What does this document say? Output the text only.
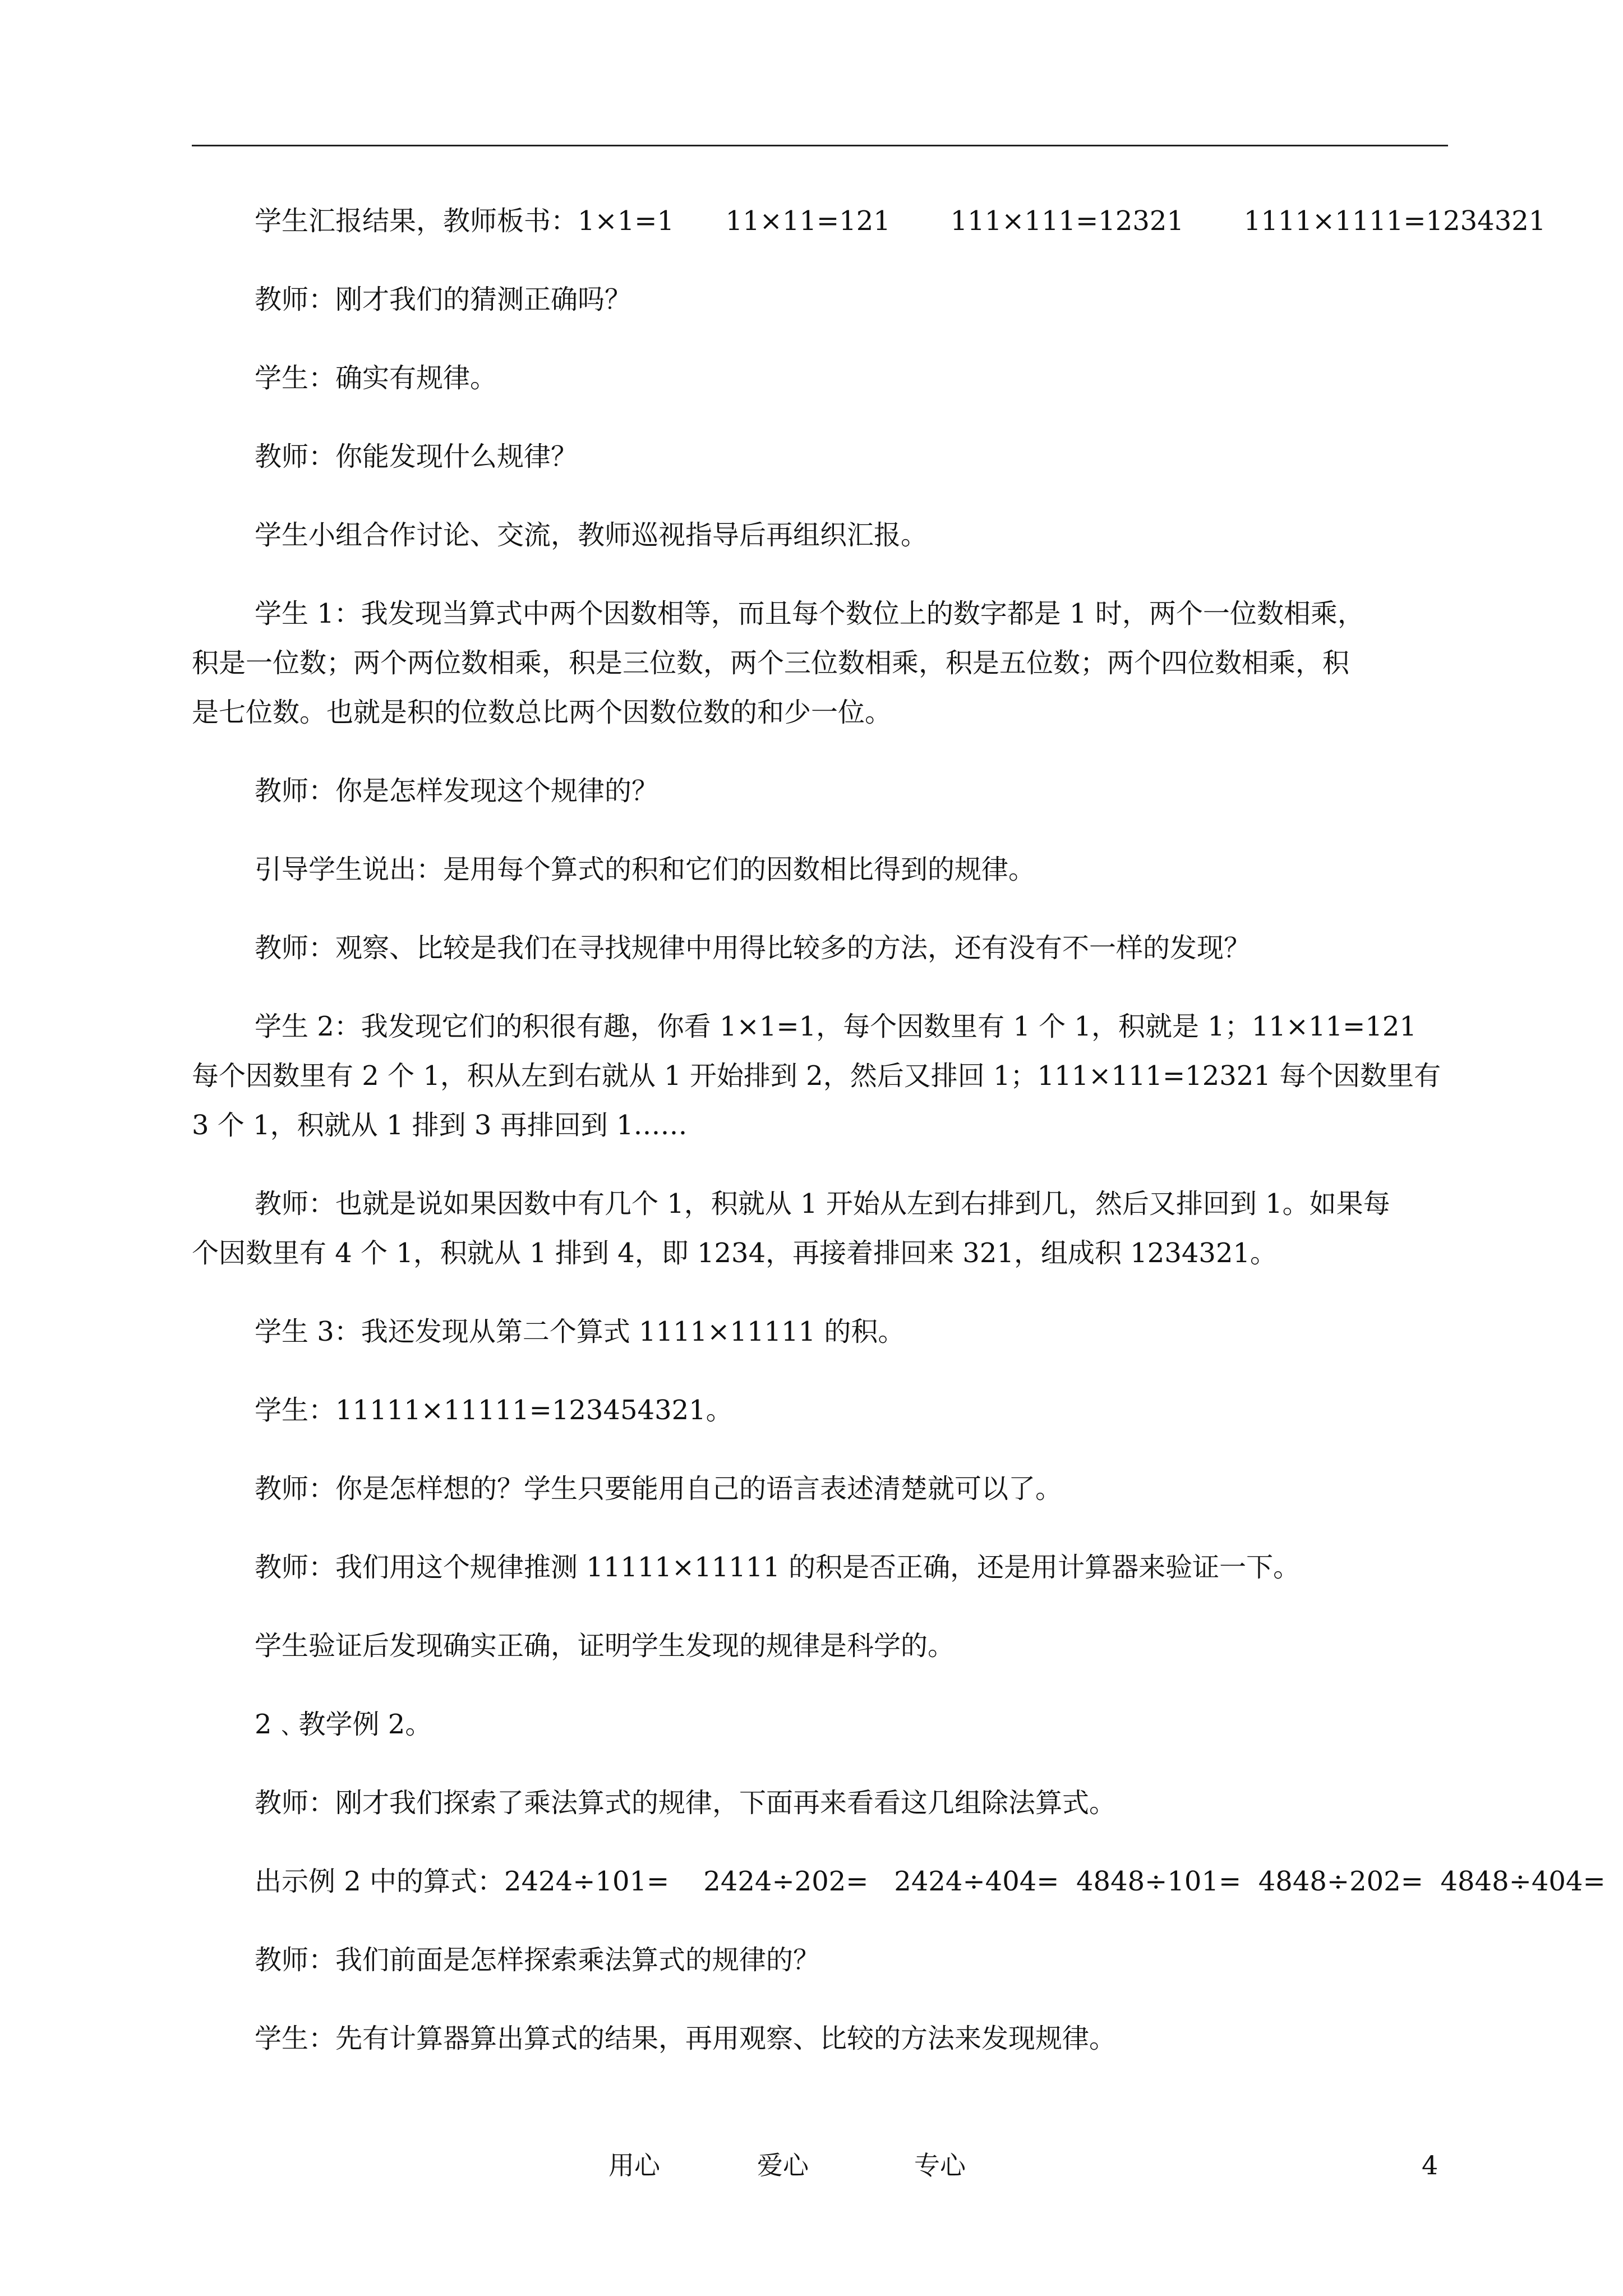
学生汇报结果，教师板书：1×1=1      11×11=121       111×111=12321       1111×1111=1234321

教师：刚才我们的猜测正确吗？

学生：确实有规律。

教师：你能发现什么规律？

学生小组合作讨论、交流，教师巡视指导后再组织汇报。

学生 1：我发现当算式中两个因数相等，而且每个数位上的数字都是 1 时，两个一位数相乘，

积是一位数；两个两位数相乘，积是三位数，两个三位数相乘，积是五位数；两个四位数相乘，积

是七位数。也就是积的位数总比两个因数位数的和少一位。

教师：你是怎样发现这个规律的？

引导学生说出：是用每个算式的积和它们的因数相比得到的规律。

教师：观察、比较是我们在寻找规律中用得比较多的方法，还有没有不一样的发现？

学生 2：我发现它们的积很有趣，你看 1×1=1，每个因数里有 1 个 1，积就是 1；11×11=121

每个因数里有 2 个 1，积从左到右就从 1 开始排到 2，然后又排回 1；111×111=12321 每个因数里有

3 个 1，积就从 1 排到 3 再排回到 1……

教师：也就是说如果因数中有几个 1，积就从 1 开始从左到右排到几，然后又排回到 1。如果每

个因数里有 4 个 1，积就从 1 排到 4，即 1234，再接着排回来 321，组成积 1234321。

学生 3：我还发现从第二个算式 1111×11111 的积。

学生：11111×11111=123454321。

教师：你是怎样想的？学生只要能用自己的语言表述清楚就可以了。

教师：我们用这个规律推测 11111×11111 的积是否正确，还是用计算器来验证一下。

学生验证后发现确实正确，证明学生发现的规律是科学的。

2﹑教学例 2。

教师：刚才我们探索了乘法算式的规律，下面再来看看这几组除法算式。

出示例 2 中的算式：2424÷101=    2424÷202=   2424÷404=  4848÷101=  4848÷202=  4848÷404=

教师：我们前面是怎样探索乘法算式的规律的？

学生：先有计算器算出算式的结果，再用观察、比较的方法来发现规律。

用心	爱心	专心	4
